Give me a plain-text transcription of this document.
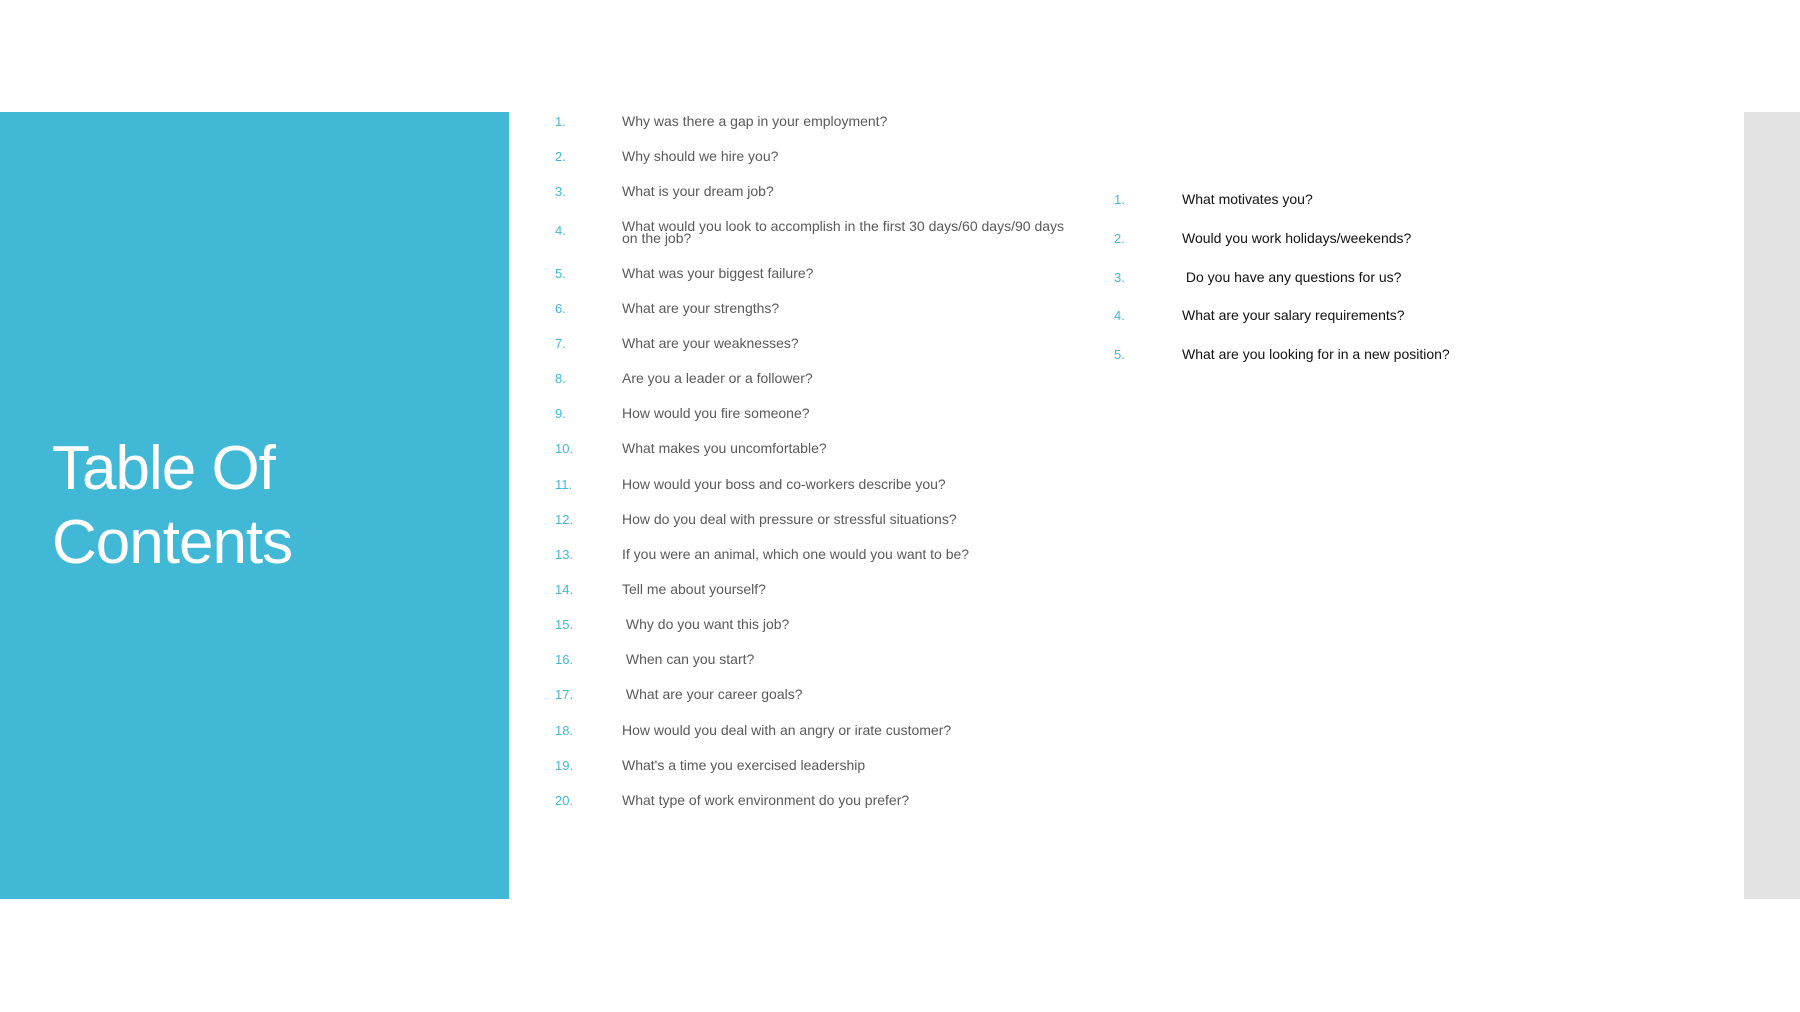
Table Of
Contents
1.	Why was there a gap in your employment?
2.	Why should we hire you?
3.	What is your dream job?
4.	What would you look to accomplish in the first 30 days/60 days/90 days on the job?
5.	What was your biggest failure?
6.	What are your strengths?
7.	What are your weaknesses?
8.	Are you a leader or a follower?
9.	How would you fire someone?
10.	What makes you uncomfortable?
11.	How would your boss and co-workers describe you?
12.	How do you deal with pressure or stressful situations?
13.	If you were an animal, which one would you want to be?
14.	Tell me about yourself?
15.	Why do you want this job?
16.	When can you start?
17.	What are your career goals?
18.	How would you deal with an angry or irate customer?
19.	What's a time you exercised leadership
20.	What type of work environment do you prefer?
1.	What motivates you?
2.	Would you work holidays/weekends?
3.	Do you have any questions for us?
4.	What are your salary requirements?
5.	What are you looking for in a new position?
